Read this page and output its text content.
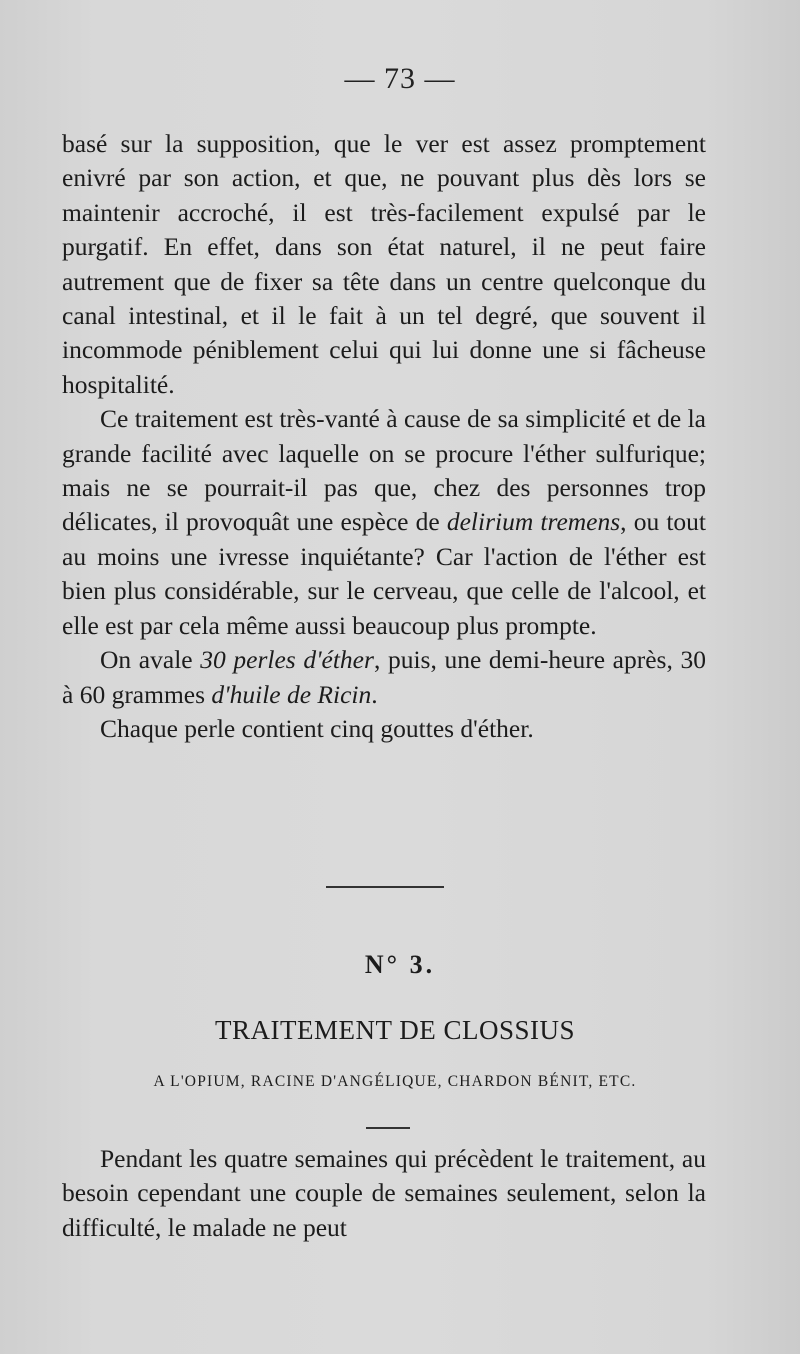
— 73 —

basé sur la supposition, que le ver est assez promptement enivré par son action, et que, ne pouvant plus dès lors se maintenir accroché, il est très-facilement expulsé par le purgatif. En effet, dans son état naturel, il ne peut faire autrement que de fixer sa tête dans un centre quelconque du canal intestinal, et il le fait à un tel degré, que souvent il incommode péniblement celui qui lui donne une si fâcheuse hospitalité.

Ce traitement est très-vanté à cause de sa simplicité et de la grande facilité avec laquelle on se procure l'éther sulfurique; mais ne se pourrait-il pas que, chez des personnes trop délicates, il provoquât une espèce de delirium tremens, ou tout au moins une ivresse inquiétante? Car l'action de l'éther est bien plus considérable, sur le cerveau, que celle de l'alcool, et elle est par cela même aussi beaucoup plus prompte.

On avale 30 perles d'éther, puis, une demi-heure après, 30 à 60 grammes d'huile de Ricin.

Chaque perle contient cinq gouttes d'éther.

N° 3.
TRAITEMENT DE CLOSSIUS
A L'OPIUM, RACINE D'ANGÉLIQUE, CHARDON BÉNIT, ETC.

Pendant les quatre semaines qui précèdent le traitement, au besoin cependant une couple de semaines seulement, selon la difficulté, le malade ne peut
